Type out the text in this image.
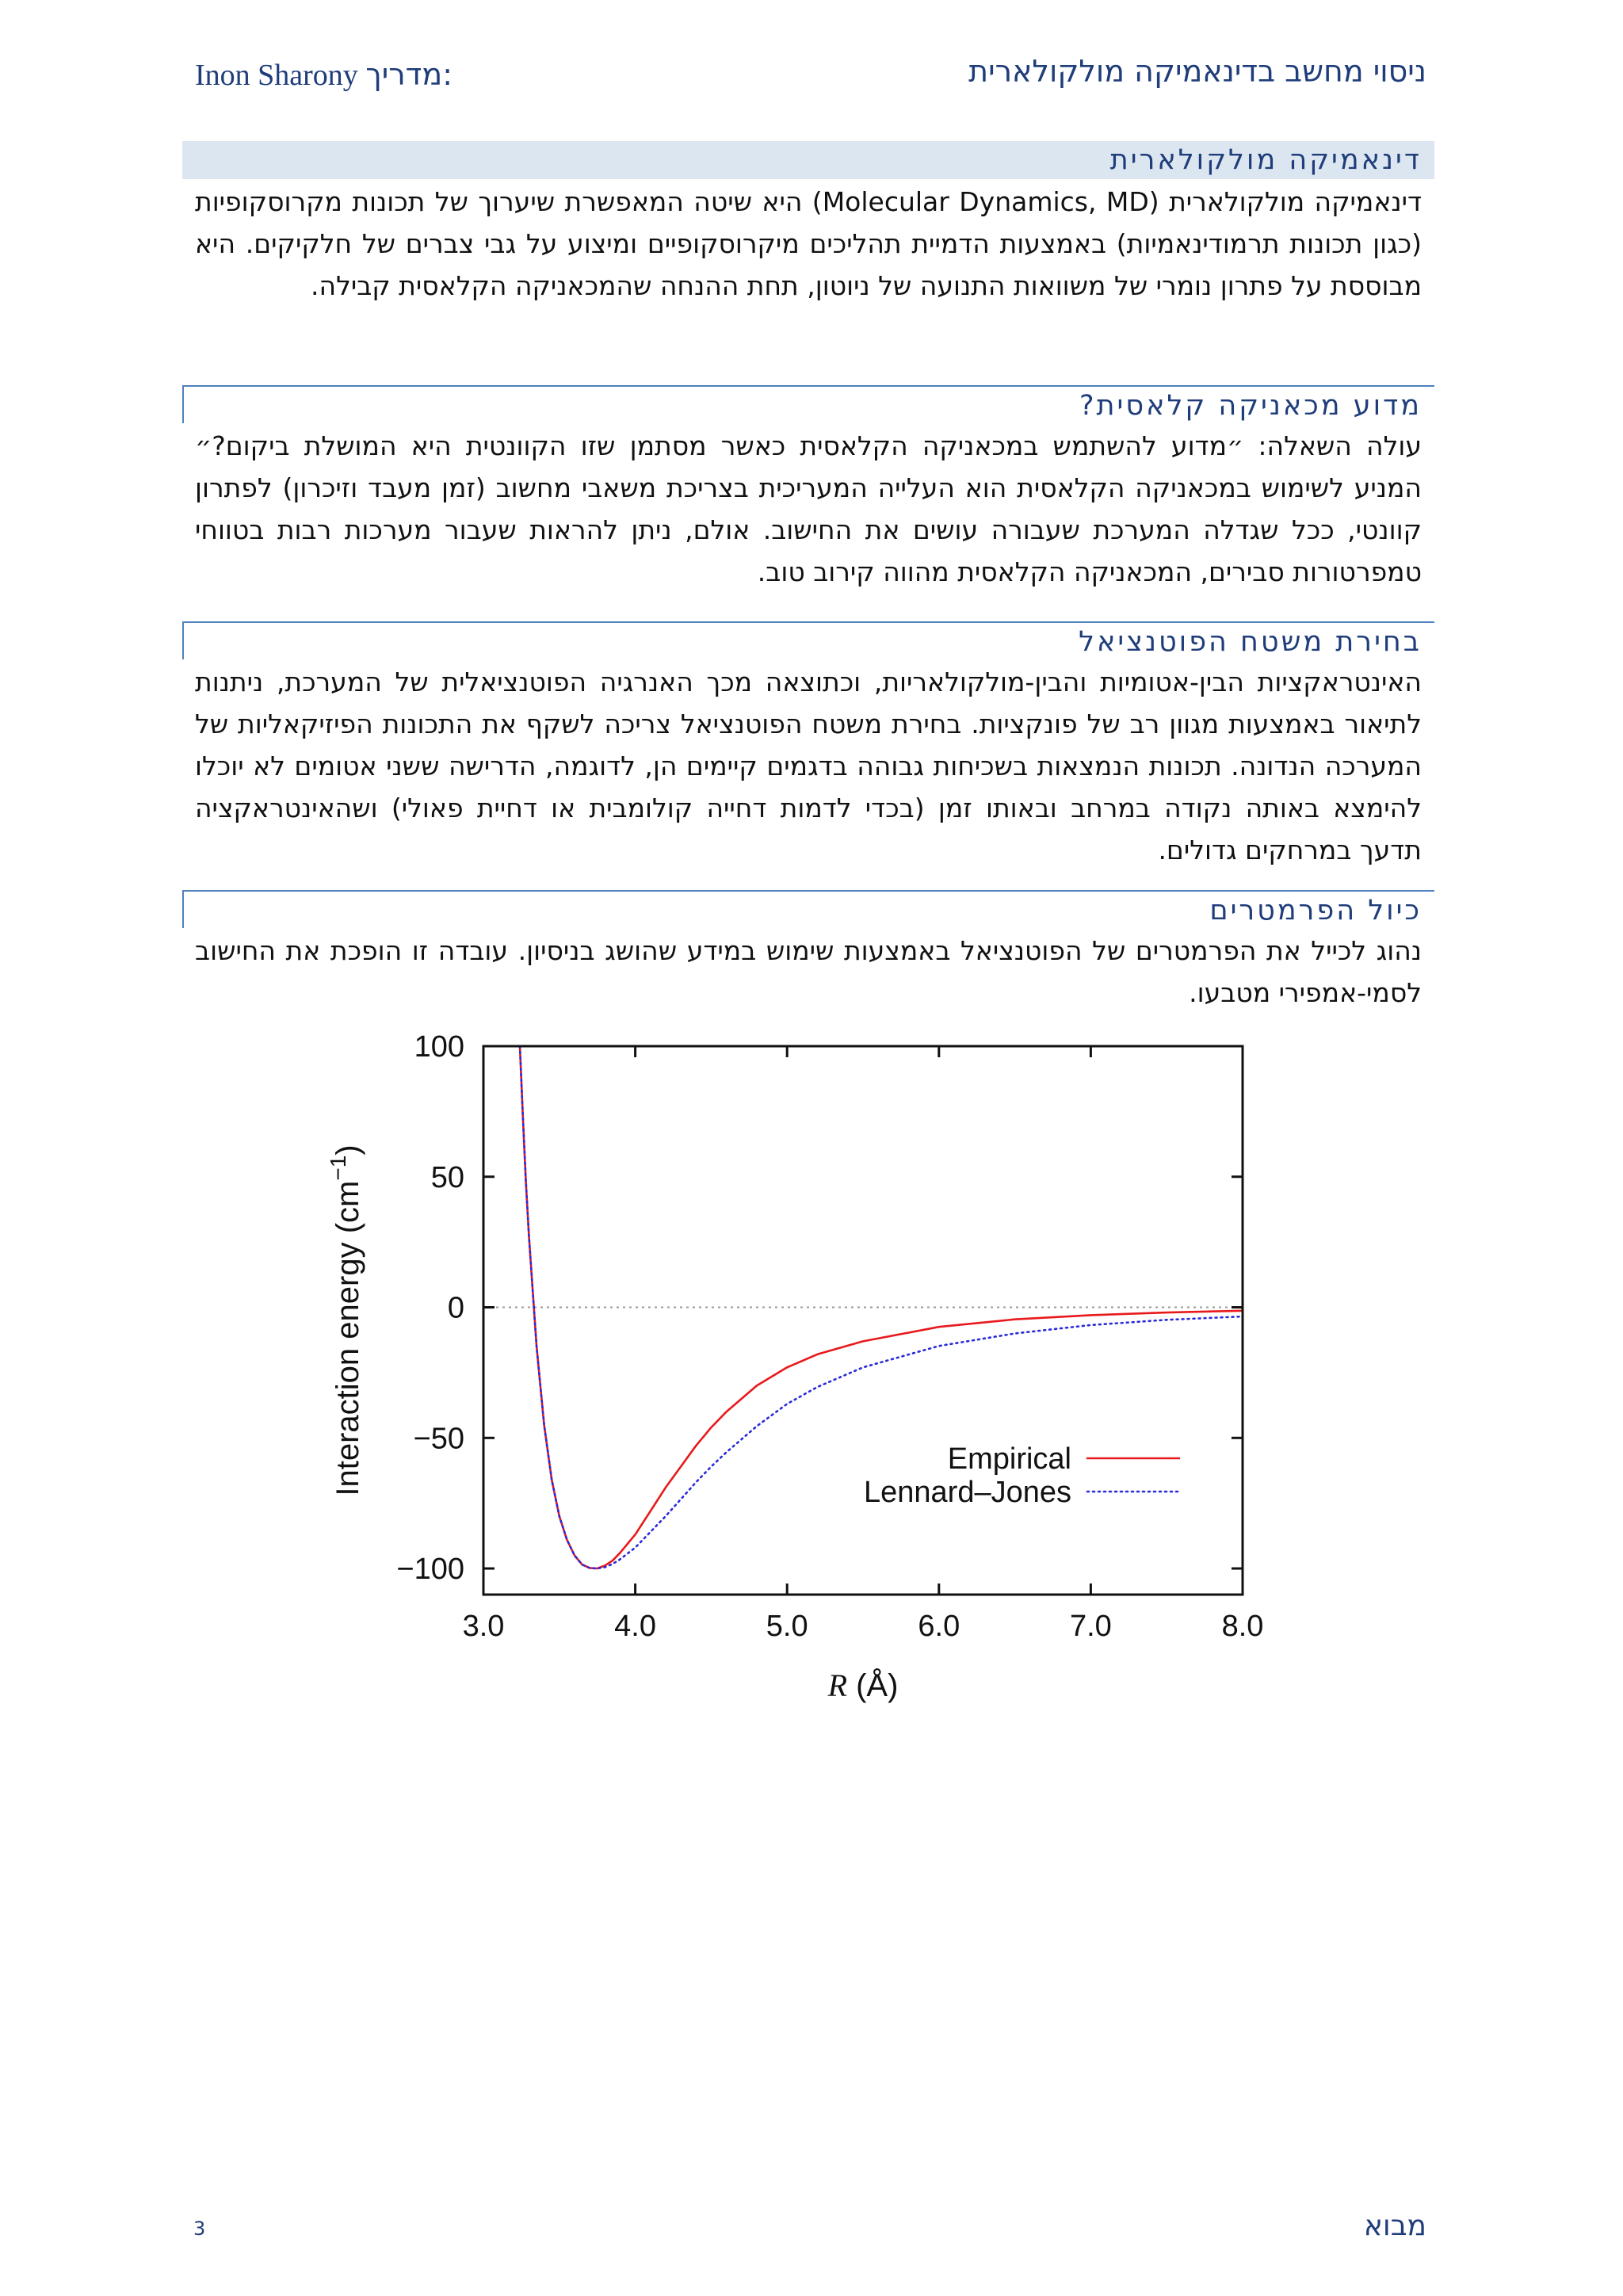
Inon Sharony מדריך:	ניסוי מחשב בדינאמיקה מולקולארית
דינאמיקה מולקולארית

דינאמיקה מולקולארית (Molecular Dynamics, MD) היא שיטה המאפשרת שיערוך של תכונות מקרוסקופיות (כגון תכונות תרמודינאמיות) באמצעות הדמיית תהליכים מיקרוסקופיים ומיצוע על גבי צברים של חלקיקים. היא מבוססת על פתרון נומרי של משוואות התנועה של ניוטון, תחת ההנחה שהמכאניקה הקלאסית קבילה.

מדוע מכאניקה קלאסית?

עולה השאלה: ״מדוע להשתמש במכאניקה הקלאסית כאשר מסתמן שזו הקוונטית היא המושלת ביקום?״ המניע לשימוש במכאניקה הקלאסית הוא העלייה המעריכית בצריכת משאבי מחשוב (זמן מעבד וזיכרון) לפתרון קוונטי, ככל שגדלה המערכת שעבורה עושים את החישוב. אולם, ניתן להראות שעבור מערכות רבות בטווחי טמפרטורות סבירים, המכאניקה הקלאסית מהווה קירוב טוב.

בחירת משטח הפוטנציאל

האינטראקציות הבין-אטומיות והבין-מולקולאריות, וכתוצאה מכך האנרגיה הפוטנציאלית של המערכת, ניתנות לתיאור באמצעות מגוון רב של פונקציות. בחירת משטח הפוטנציאל צריכה לשקף את התכונות הפיזיקאליות של המערכה הנדונה. תכונות הנמצאות בשכיחות גבוהה בדגמים קיימים הן, לדוגמה, הדרישה ששני אטומים לא יוכלו להימצא באותה נקודה במרחב ובאותו זמן (בכדי לדמות דחייה קולומבית או דחיית פאולי) ושהאינטראקציה תדעך במרחקים גדולים.

כיול הפרמטרים

נהוג לכייל את הפרמטרים של הפוטנציאל באמצעות שימוש במידע שהושג בניסיון. עובדה זו הופכת את החישוב לסמי-אמפירי מטבעו.

3.0	4.0	5.0	6.0	7.0	8.0
100
50
0
−50
−100
R (Å)
Interaction energy $(cm^{-1})$
Empirical
Lennard–Jones
3	מבוא
